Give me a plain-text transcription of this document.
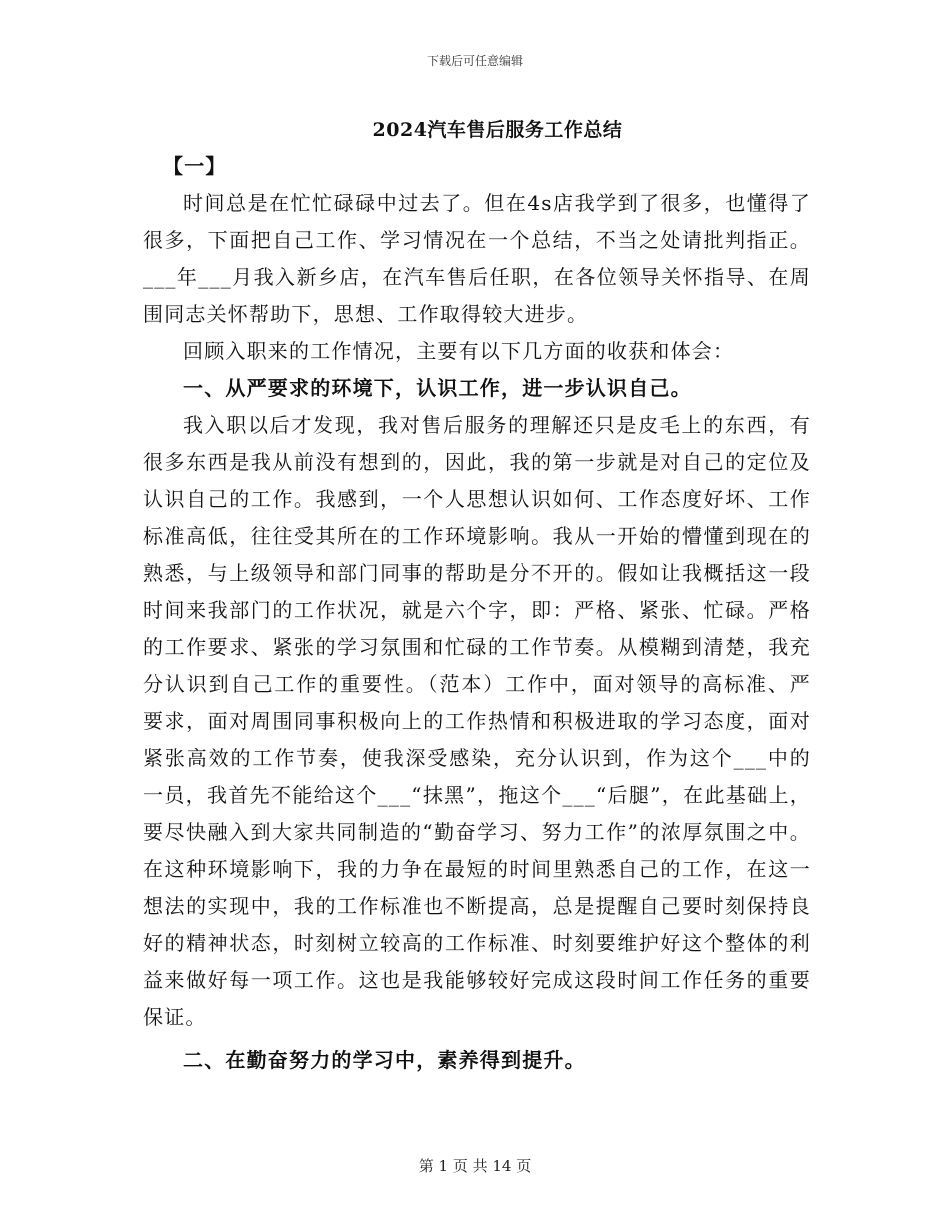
下载后可任意编辑
2024汽车售后服务工作总结

【一】

时间总是在忙忙碌碌中过去了。但在4s店我学到了很多，也懂得了很多，下面把自己工作、学习情况在一个总结，不当之处请批判指正。___年___月我入新乡店，在汽车售后任职，在各位领导关怀指导、在周围同志关怀帮助下，思想、工作取得较大进步。

回顾入职来的工作情况，主要有以下几方面的收获和体会：

一、从严要求的环境下，认识工作，进一步认识自己。

我入职以后才发现，我对售后服务的理解还只是皮毛上的东西，有很多东西是我从前没有想到的，因此，我的第一步就是对自己的定位及认识自己的工作。我感到，一个人思想认识如何、工作态度好坏、工作标准高低，往往受其所在的工作环境影响。我从一开始的懵懂到现在的熟悉，与上级领导和部门同事的帮助是分不开的。假如让我概括这一段时间来我部门的工作状况，就是六个字，即：严格、紧张、忙碌。严格的工作要求、紧张的学习氛围和忙碌的工作节奏。从模糊到清楚，我充分认识到自己工作的重要性。（范本）工作中，面对领导的高标准、严要求，面对周围同事积极向上的工作热情和积极进取的学习态度，面对紧张高效的工作节奏，使我深受感染，充分认识到，作为这个___中的一员，我首先不能给这个___“抹黑”，拖这个___“后腿”，在此基础上，要尽快融入到大家共同制造的“勤奋学习、努力工作”的浓厚氛围之中。在这种环境影响下，我的力争在最短的时间里熟悉自己的工作，在这一想法的实现中，我的工作标准也不断提高，总是提醒自己要时刻保持良好的精神状态，时刻树立较高的工作标准、时刻要维护好这个整体的利益来做好每一项工作。这也是我能够较好完成这段时间工作任务的重要保证。

二、在勤奋努力的学习中，素养得到提升。

第 1 页 共 14 页
